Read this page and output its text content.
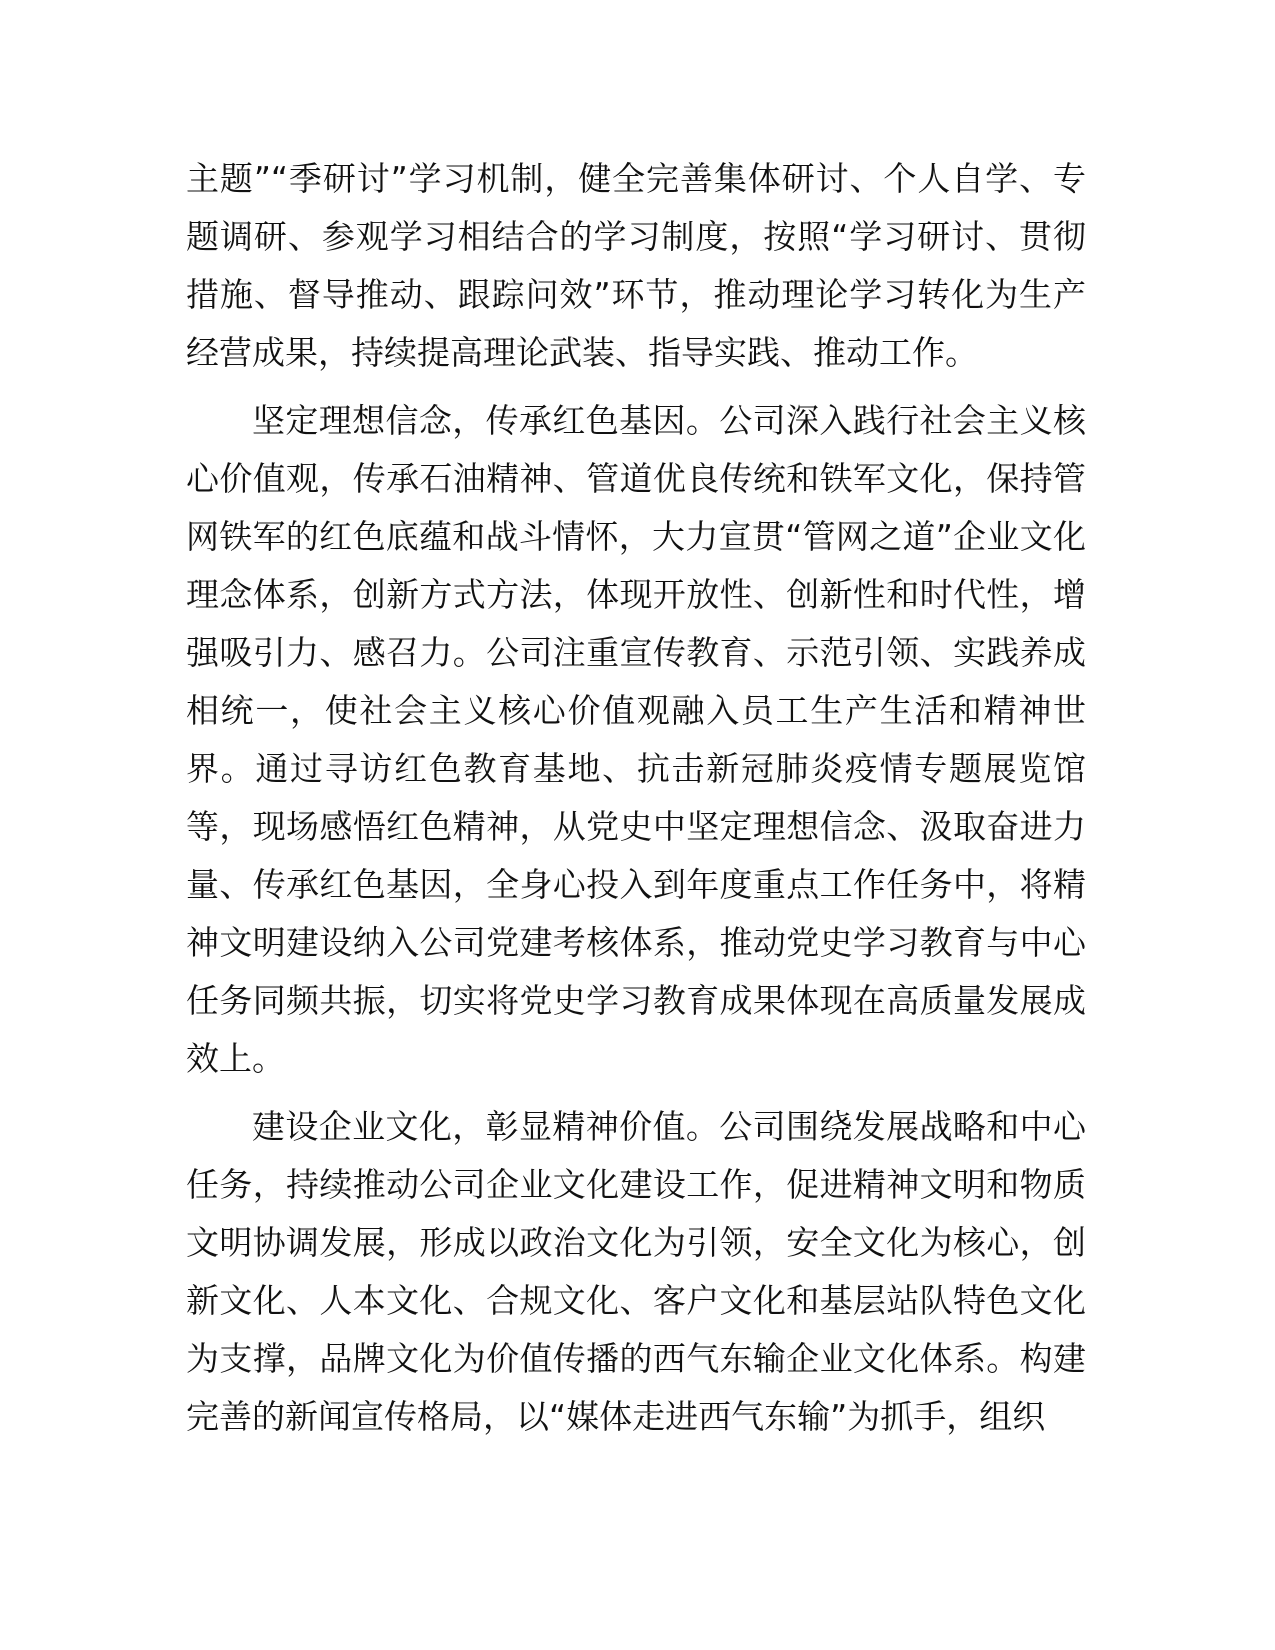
主题”“季研讨”学习机制，健全完善集体研讨、个人自学、专题调研、参观学习相结合的学习制度，按照“学习研讨、贯彻措施、督导推动、跟踪问效”环节，推动理论学习转化为生产经营成果，持续提高理论武装、指导实践、推动工作。

坚定理想信念，传承红色基因。公司深入践行社会主义核心价值观，传承石油精神、管道优良传统和铁军文化，保持管网铁军的红色底蕴和战斗情怀，大力宣贯“管网之道”企业文化理念体系，创新方式方法，体现开放性、创新性和时代性，增强吸引力、感召力。公司注重宣传教育、示范引领、实践养成相统一，使社会主义核心价值观融入员工生产生活和精神世界。通过寻访红色教育基地、抗击新冠肺炎疫情专题展览馆等，现场感悟红色精神，从党史中坚定理想信念、汲取奋进力量、传承红色基因，全身心投入到年度重点工作任务中，将精神文明建设纳入公司党建考核体系，推动党史学习教育与中心任务同频共振，切实将党史学习教育成果体现在高质量发展成效上。

建设企业文化，彰显精神价值。公司围绕发展战略和中心任务，持续推动公司企业文化建设工作，促进精神文明和物质文明协调发展，形成以政治文化为引领，安全文化为核心，创新文化、人本文化、合规文化、客户文化和基层站队特色文化为支撑，品牌文化为价值传播的西气东输企业文化体系。构建完善的新闻宣传格局，以“媒体走进西气东输”为抓手，组织
